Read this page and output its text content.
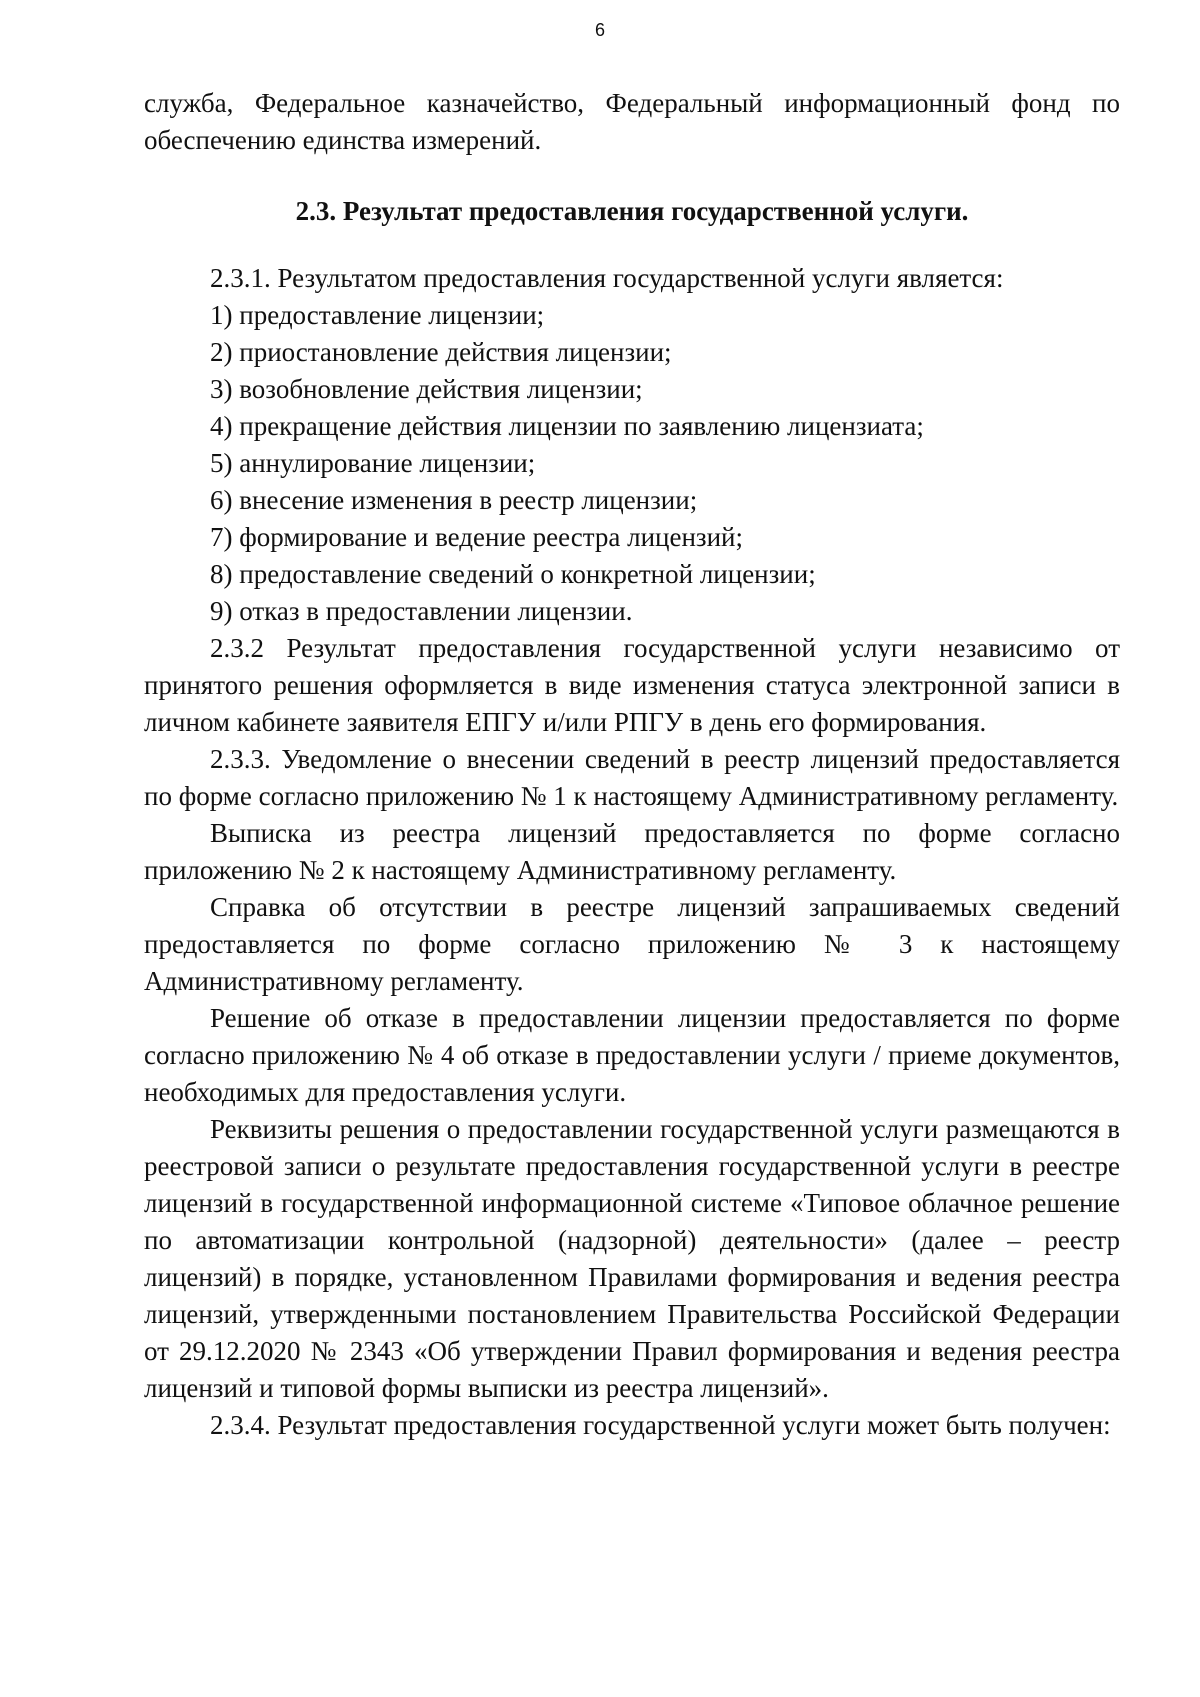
6

служба, Федеральное казначейство, Федеральный информационный фонд по обеспечению единства измерений.

2.3. Результат предоставления государственной услуги.

2.3.1. Результатом предоставления государственной услуги является:

1) предоставление лицензии;

2) приостановление действия лицензии;

3) возобновление действия лицензии;

4) прекращение действия лицензии по заявлению лицензиата;

5) аннулирование лицензии;

6) внесение изменения в реестр лицензии;

7) формирование и ведение реестра лицензий;

8) предоставление сведений о конкретной лицензии;

9) отказ в предоставлении лицензии.

2.3.2 Результат предоставления государственной услуги независимо от принятого решения оформляется в виде изменения статуса электронной записи в личном кабинете заявителя ЕПГУ и/или РПГУ в день его формирования.

2.3.3. Уведомление о внесении сведений в реестр лицензий предоставляется по форме согласно приложению № 1 к настоящему Административному регламенту.

Выписка из реестра лицензий предоставляется по форме согласно приложению № 2 к настоящему Административному регламенту.

Справка об отсутствии в реестре лицензий запрашиваемых сведений предоставляется по форме согласно приложению № 3 к настоящему Административному регламенту.

Решение об отказе в предоставлении лицензии предоставляется по форме согласно приложению № 4 об отказе в предоставлении услуги / приеме документов, необходимых для предоставления услуги.

Реквизиты решения о предоставлении государственной услуги размещаются в реестровой записи о результате предоставления государственной услуги в реестре лицензий в государственной информационной системе «Типовое облачное решение по автоматизации контрольной (надзорной) деятельности» (далее – реестр лицензий) в порядке, установленном Правилами формирования и ведения реестра лицензий, утвержденными постановлением Правительства Российской Федерации от 29.12.2020 № 2343 «Об утверждении Правил формирования и ведения реестра лицензий и типовой формы выписки из реестра лицензий».

2.3.4. Результат предоставления государственной услуги может быть получен:
